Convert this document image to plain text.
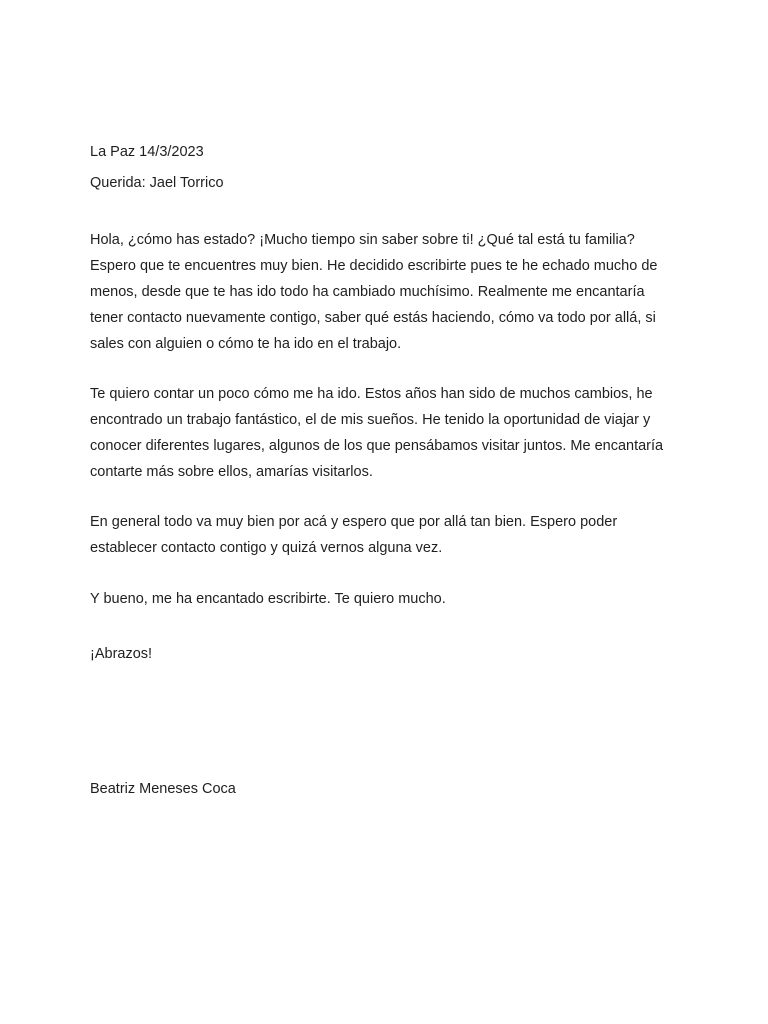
La Paz 14/3/2023

Querida: Jael Torrico

Hola, ¿cómo has estado? ¡Mucho tiempo sin saber sobre ti! ¿Qué tal está tu familia?

Espero que te encuentres muy bien. He decidido escribirte pues te he echado mucho de

menos, desde que te has ido todo ha cambiado muchísimo. Realmente me encantaría

tener contacto nuevamente contigo, saber qué estás haciendo, cómo va todo por allá, si

sales con alguien o cómo te ha ido en el trabajo.

Te quiero contar un poco cómo me ha ido. Estos años han sido de muchos cambios, he

encontrado un trabajo fantástico, el de mis sueños. He tenido la oportunidad de viajar y

conocer diferentes lugares, algunos de los que pensábamos visitar juntos. Me encantaría

contarte más sobre ellos, amarías visitarlos.

En general todo va muy bien por acá y espero que por allá tan bien. Espero poder

establecer contacto contigo y quizá vernos alguna vez.

Y bueno, me ha encantado escribirte. Te quiero mucho.

¡Abrazos!

Beatriz Meneses Coca
